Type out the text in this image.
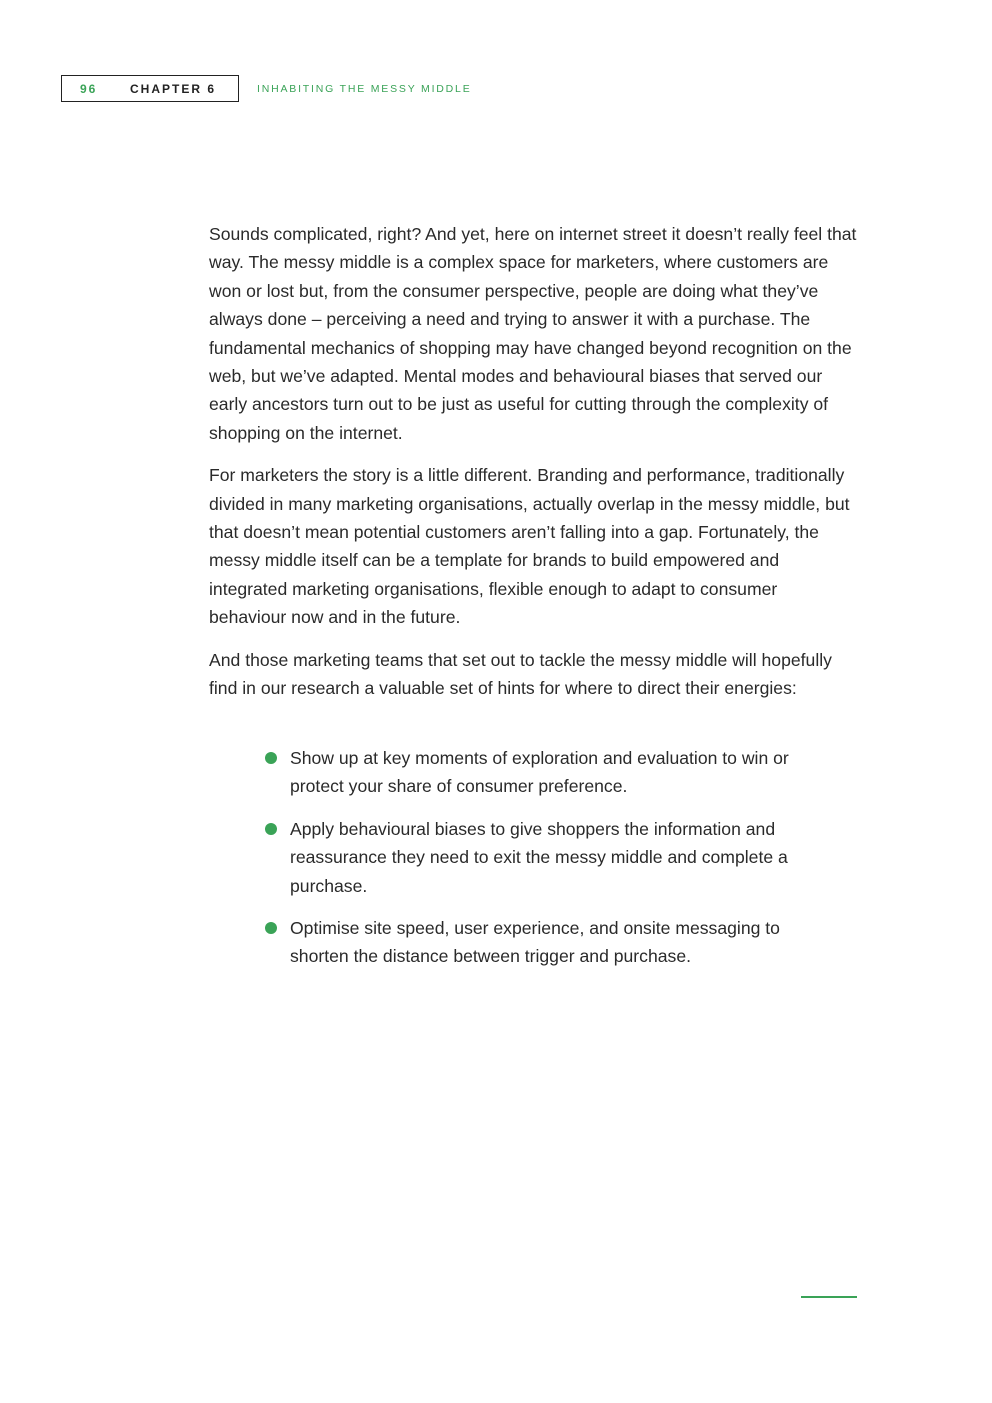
96	CHAPTER 6	INHABITING THE MESSY MIDDLE

Sounds complicated, right? And yet, here on internet street it doesn’t really feel that way. The messy middle is a complex space for marketers, where customers are won or lost but, from the consumer perspective, people are doing what they’ve always done – perceiving a need and trying to answer it with a purchase. The fundamental mechanics of shopping may have changed beyond recognition on the web, but we’ve adapted. Mental modes and behavioural biases that served our early ancestors turn out to be just as useful for cutting through the complexity of shopping on the internet.

For marketers the story is a little different. Branding and performance, traditionally divided in many marketing organisations, actually overlap in the messy middle, but that doesn’t mean potential customers aren’t falling into a gap. Fortunately, the messy middle itself can be a template for brands to build empowered and integrated marketing organisations, flexible enough to adapt to consumer behaviour now and in the future.

And those marketing teams that set out to tackle the messy middle will hopefully find in our research a valuable set of hints for where to direct their energies:

Show up at key moments of exploration and evaluation to win or protect your share of consumer preference.
Apply behavioural biases to give shoppers the information and reassurance they need to exit the messy middle and complete a purchase.
Optimise site speed, user experience, and onsite messaging to shorten the distance between trigger and purchase.
